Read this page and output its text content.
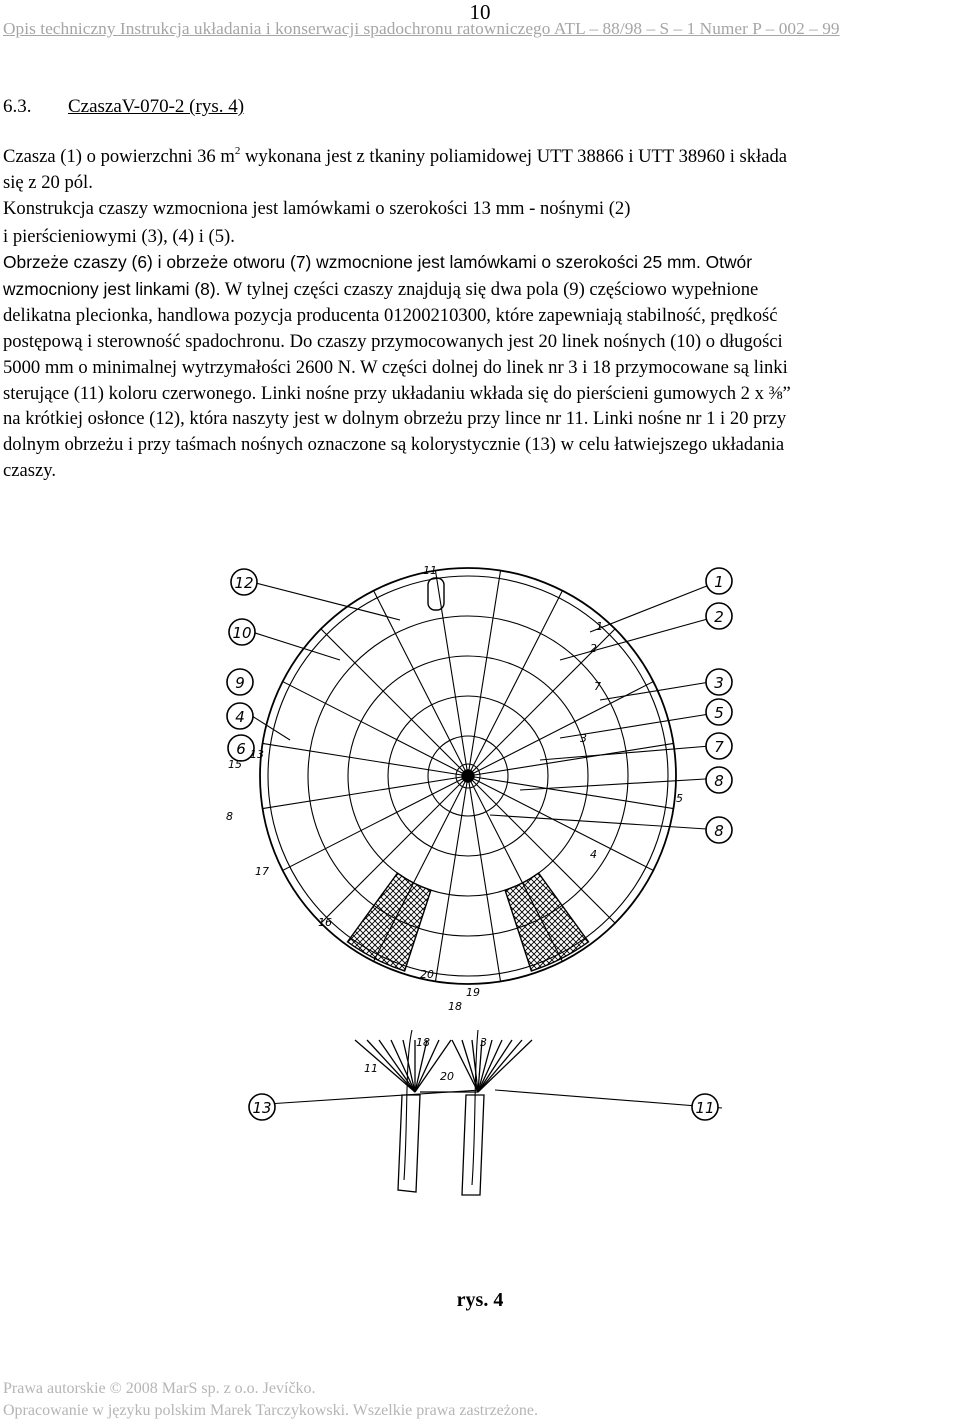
10
Opis techniczny Instrukcja układania i konserwacji spadochronu ratowniczego ATL – 88/98 – S – 1 Numer P – 002 – 99
6.3. CzaszaV-070-2 (rys. 4)
Czasza (1) o powierzchni 36 $m^2$ wykonana jest z tkaniny poliamidowej UTT 38866 i UTT 38960 i składa
się z 20 pól.
Konstrukcja czaszy wzmocniona jest lamówkami o szerokości 13 mm - nośnymi (2)
i pierścieniowymi (3), (4) i (5).
Obrzeże czaszy (6) i obrzeże otworu (7) wzmocnione jest lamówkami o szerokości 25 mm. Otwór
wzmocniony jest linkami (8). W tylnej części czaszy znajdują się dwa pola (9) częściowo wypełnione
delikatna plecionka, handlowa pozycja producenta 01200210300, które zapewniają stabilność, prędkość
postępową i sterowność spadochronu. Do czaszy przymocowanych jest 20 linek nośnych (10) o długości
5000 mm o minimalnej wytrzymałości 2600 N. W części dolnej do linek nr 3 i 18 przymocowane są linki
sterujące (11) koloru czerwonego. Linki nośne przy układaniu wkłada się do pierścieni gumowych 2 x ⅜”
na krótkiej osłonce (12), która naszyty jest w dolnym obrzeżu przy lince nr 11. Linki nośne nr 1 i 20 przy
dolnym obrzeżu i przy taśmach nośnych oznaczone są kolorystycznie (13) w celu łatwiejszego układania
czaszy.
12	1
10
2
9	3
4	5
6	7
8
8
13	11
11
7
3
5
13
16
17
18
19
20
4
15
8
1
2
18	3
11
20
rys. 4
Prawa autorskie © 2008 MarS sp. z o.o. Jevíčko.
Opracowanie w języku polskim Marek Tarczykowski. Wszelkie prawa zastrzeżone.
